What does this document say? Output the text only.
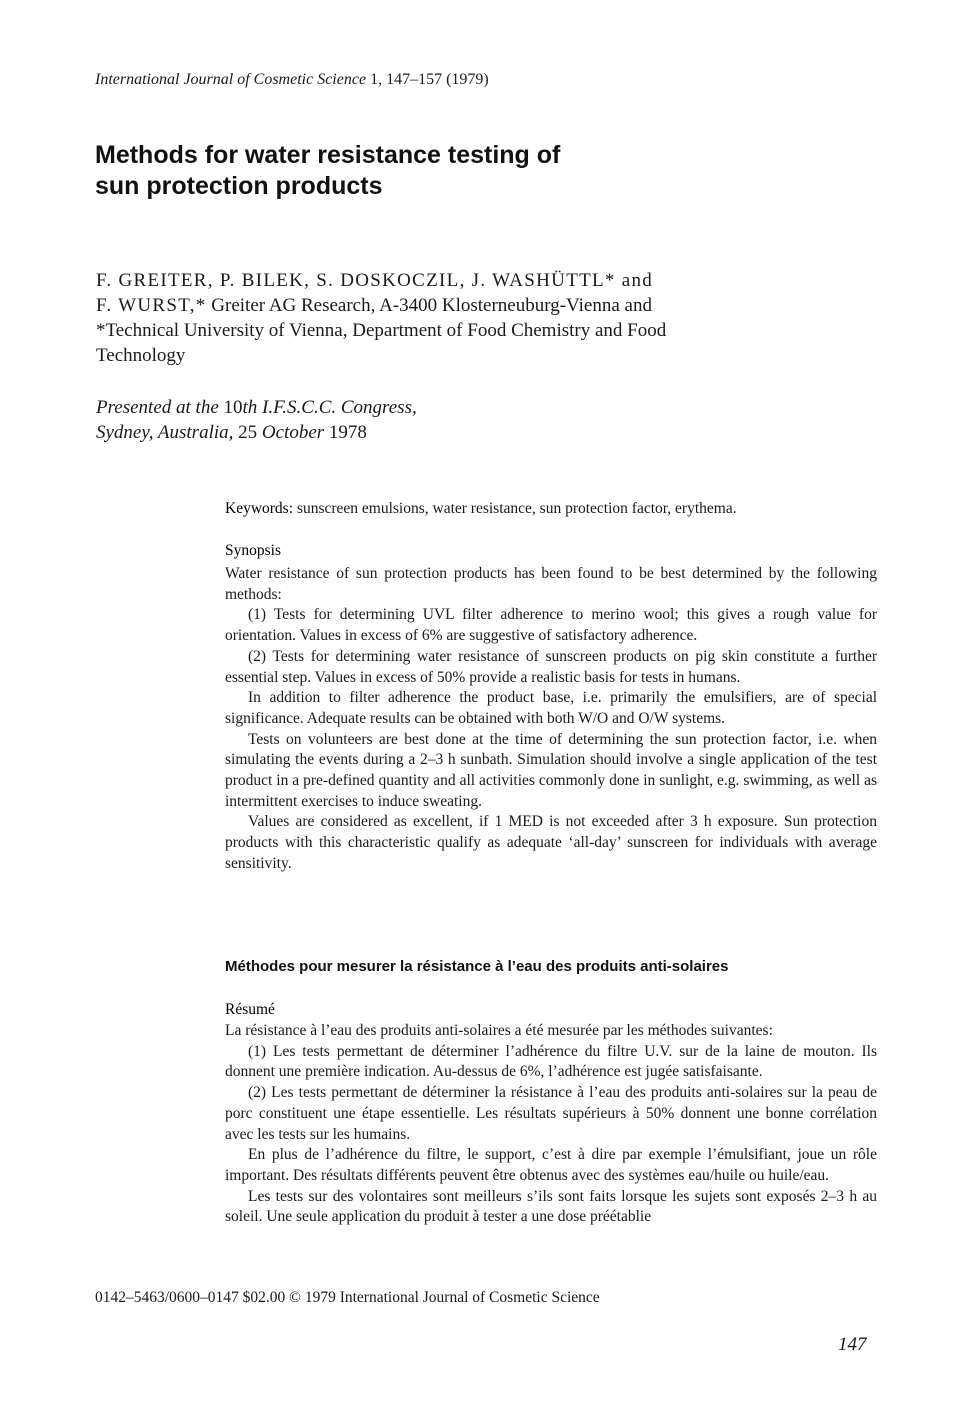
International Journal of Cosmetic Science 1, 147–157 (1979)
Methods for water resistance testing of
sun protection products
F. GREITER, P. BILEK, S. DOSKOCZIL, J. WASHÜTTL* and
F. WURST,* Greiter AG Research, A-3400 Klosterneuburg-Vienna and
*Technical University of Vienna, Department of Food Chemistry and Food
Technology
Presented at the 10th I.F.S.C.C. Congress,
Sydney, Australia, 25 October 1978
Keywords: sunscreen emulsions, water resistance, sun protection factor, erythema.
Synopsis

Water resistance of sun protection products has been found to be best determined by the following methods:

(1) Tests for determining UVL filter adherence to merino wool; this gives a rough value for orientation. Values in excess of 6% are suggestive of satisfactory adherence.

(2) Tests for determining water resistance of sunscreen products on pig skin constitute a further essential step. Values in excess of 50% provide a realistic basis for tests in humans.

In addition to filter adherence the product base, i.e. primarily the emulsifiers, are of special significance. Adequate results can be obtained with both W/O and O/W systems.

Tests on volunteers are best done at the time of determining the sun protection factor, i.e. when simulating the events during a 2–3 h sunbath. Simulation should involve a single application of the test product in a pre-defined quantity and all activities commonly done in sunlight, e.g. swimming, as well as intermittent exercises to induce sweating.

Values are considered as excellent, if 1 MED is not exceeded after 3 h exposure. Sun protection products with this characteristic qualify as adequate ‘all-day’ sunscreen for individuals with average sensitivity.

Méthodes pour mesurer la résistance à l’eau des produits anti-solaires
Résumé

La résistance à l’eau des produits anti-solaires a été mesurée par les méthodes suivantes:

(1) Les tests permettant de déterminer l’adhérence du filtre U.V. sur de la laine de mouton. Ils donnent une première indication. Au-dessus de 6%, l’adhérence est jugée satisfaisante.

(2) Les tests permettant de déterminer la résistance à l’eau des produits anti-solaires sur la peau de porc constituent une étape essentielle. Les résultats supérieurs à 50% donnent une bonne corrélation avec les tests sur les humains.

En plus de l’adhérence du filtre, le support, c’est à dire par exemple l’émulsifiant, joue un rôle important. Des résultats différents peuvent être obtenus avec des systèmes eau/huile ou huile/eau.

Les tests sur des volontaires sont meilleurs s’ils sont faits lorsque les sujets sont exposés 2–3 h au soleil. Une seule application du produit à tester a une dose préétablie

0142–5463/0600–0147 $02.00 © 1979 International Journal of Cosmetic Science
147
